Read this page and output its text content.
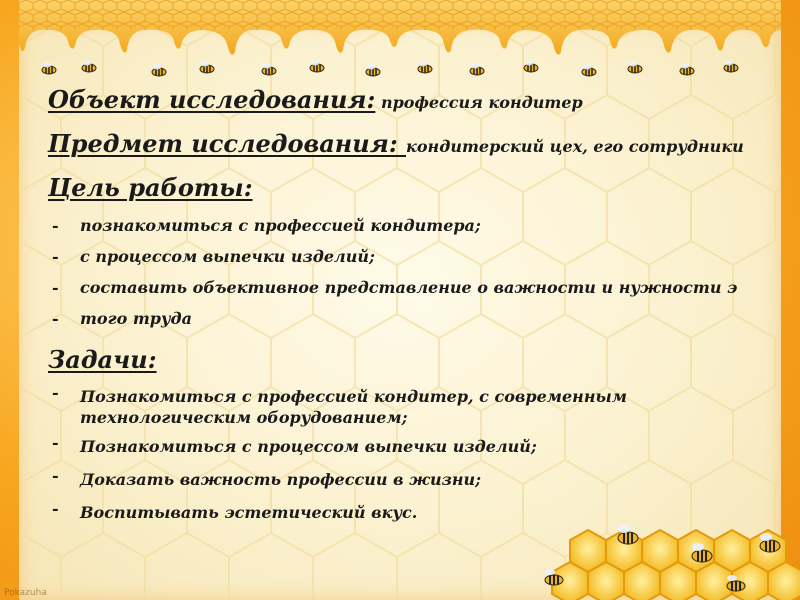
Объект исследования: профессия кондитер
Предмет исследования: кондитерский цех, его сотрудники
Цель работы:
- познакомиться с профессией кондитера;
- с процессом выпечки изделий;
- составить объективное представление о важности и нужности э
- того труда
Задачи:
- Познакомиться с профессией кондитер, с современным технологическим оборудованием;
- Познакомиться с процессом выпечки изделий;
- Доказать важность профессии в жизни;
- Воспитывать эстетический вкус.
Pokazuha
